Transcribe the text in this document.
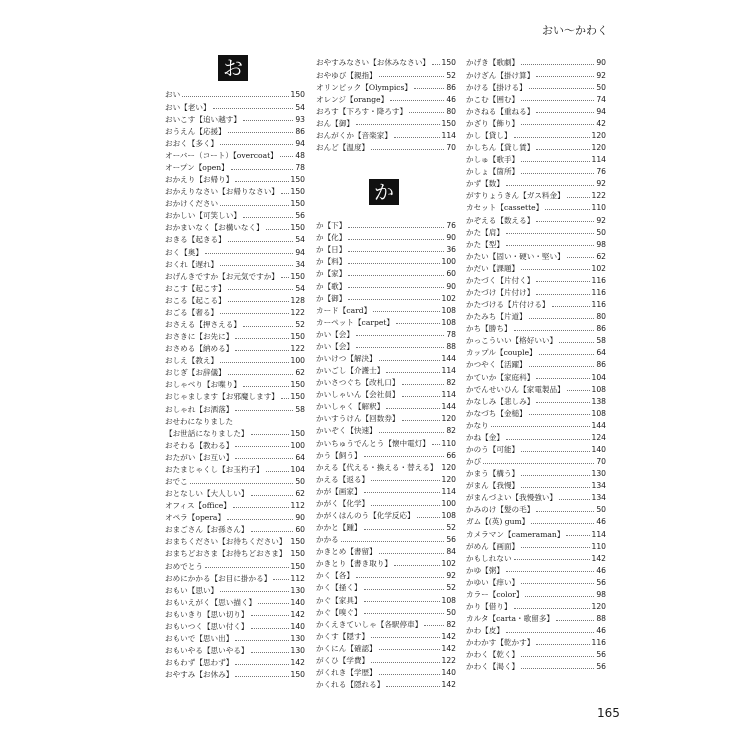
おい〜かわく
お
か
おい	150
おい【老い】	54
おいこす【追い越す】	93
おうえん【応援】	86
おおく【多く】	94
オーバー（コート）【overcoat】 48
オープン【open】	78
おかえり【お帰り】	150
おかえりなさい【お帰りなさい】 150
おかけください	150
おかしい【可笑しい】	56
おかまいなく【お構いなく】	150
おきる【起きる】	54
おく【奥】	94
おくれ【遅れ】	34
おげんきですか【お元気ですか】 150
おこす【起こす】	54
おこる【起こる】	128
おごる【奢る】	122
おさえる【押さえる】	52
おさきに【お先に】	150
おさめる【納める】	122
おしえ【教え】	100
おじぎ【お辞儀】	62
おしゃべり【お喋り】	150
おじゃまします【お邪魔します】 150
おしゃれ【お洒落】	58
おせわになりました
【お世話になりました】	150
おそわる【教わる】	100
おたがい【お互い】	64
おたまじゃくし【お玉杓子】	104
おでこ	50
おとなしい【大人しい】	62
オフィス【office】	112
オペラ【opera】	90
おまごさん【お孫さん】	60
おまちください【お待ちください】 150
おまちどおさま【お待ちどおさま】 150
おめでとう	150
おめにかかる【お目に掛かる】	112
おもい【思い】	130
おもいえがく【思い描く】	140
おもいきり【思い切り】	142
おもいつく【思い付く】	140
おもいで【思い出】	130
おもいやる【思いやる】	130
おもわず【思わず】	142
おやすみ【お休み】	150
おやすみなさい【お休みなさい】 150
おやゆび【親指】	52
オリンピック【Olympics】	86
オレンジ【orange】	46
おろす【下ろす・降ろす】	80
おん【御】	150
おんがくか【音楽家】	114
おんど【温度】	70
か【下】	76
か【化】	90
か【日】	36
か【料】	100
か【家】	60
か【歌】	90
か【御】	102
カード【card】	108
カーペット【carpet】	108
かい【会】	78
かい【会】	88
かいけつ【解決】	144
かいごし【介護士】	114
かいさつぐち【改札口】	82
かいしゃいん【会社員】	114
かいしゃく【解釈】	144
かいすうけん【回数券】	120
かいぞく【快速】	82
かいちゅうでんとう【懐中電灯】 110
かう【飼う】	66
かえる【代える・換える・替える】 120
かえる【返る】	120
かが【画家】	114
かがく【化学】	100
かがくはんのう【化学反応】	108
かかと【踵】	52
かかる	56
かきとめ【書留】	84
かきとり【書き取り】	102
かく【各】	92
かく【掻く】	52
かぐ【家具】	108
かぐ【嗅ぐ】	50
かくえきていしゃ【各駅停車】	82
かくす【隠す】	142
かくにん【確認】	142
がくひ【学費】	122
がくれき【学歴】	140
かくれる【隠れる】	142
かげき【歌劇】	90
かけざん【掛け算】	92
かける【掛ける】	50
かこむ【囲む】	74
かさねる【重ねる】	94
かざり【飾り】	42
かし【貸し】	120
かしちん【貸し賃】	120
かしゅ【歌手】	114
かしょ【箇所】	76
かず【数】	92
がすりょうきん【ガス料金】	122
カセット【cassette】	110
かぞえる【数える】	92
かた【肩】	50
かた【型】	98
かたい【固い・硬い・堅い】	62
かだい【課題】	102
かたづく【片付く】	116
かたづけ【片付け】	116
かたづける【片付ける】	116
かたみち【片道】	80
かち【勝ち】	86
かっこういい【格好いい】	58
カップル【couple】	64
かつやく【活躍】	86
かていか【家庭科】	104
かでんせいひん【家電製品】	108
かなしみ【悲しみ】	138
かなづち【金槌】	108
かなり	144
かね【金】	124
かのう【可能】	140
かび	70
かまう【構う】	130
がまん【我慢】	134
がまんづよい【我慢強い】	134
かみのけ【髪の毛】	50
ガム【(英) gum】	46
カメラマン【cameraman】	114
がめん【画面】	110
かもしれない	142
かゆ【粥】	46
かゆい【痒い】	56
カラー【color】	98
かり【借り】	120
カルタ【carta・歌留多】	88
かわ【皮】	46
かわかす【乾かす】	116
かわく【乾く】	56
かわく【渇く】	56
165
